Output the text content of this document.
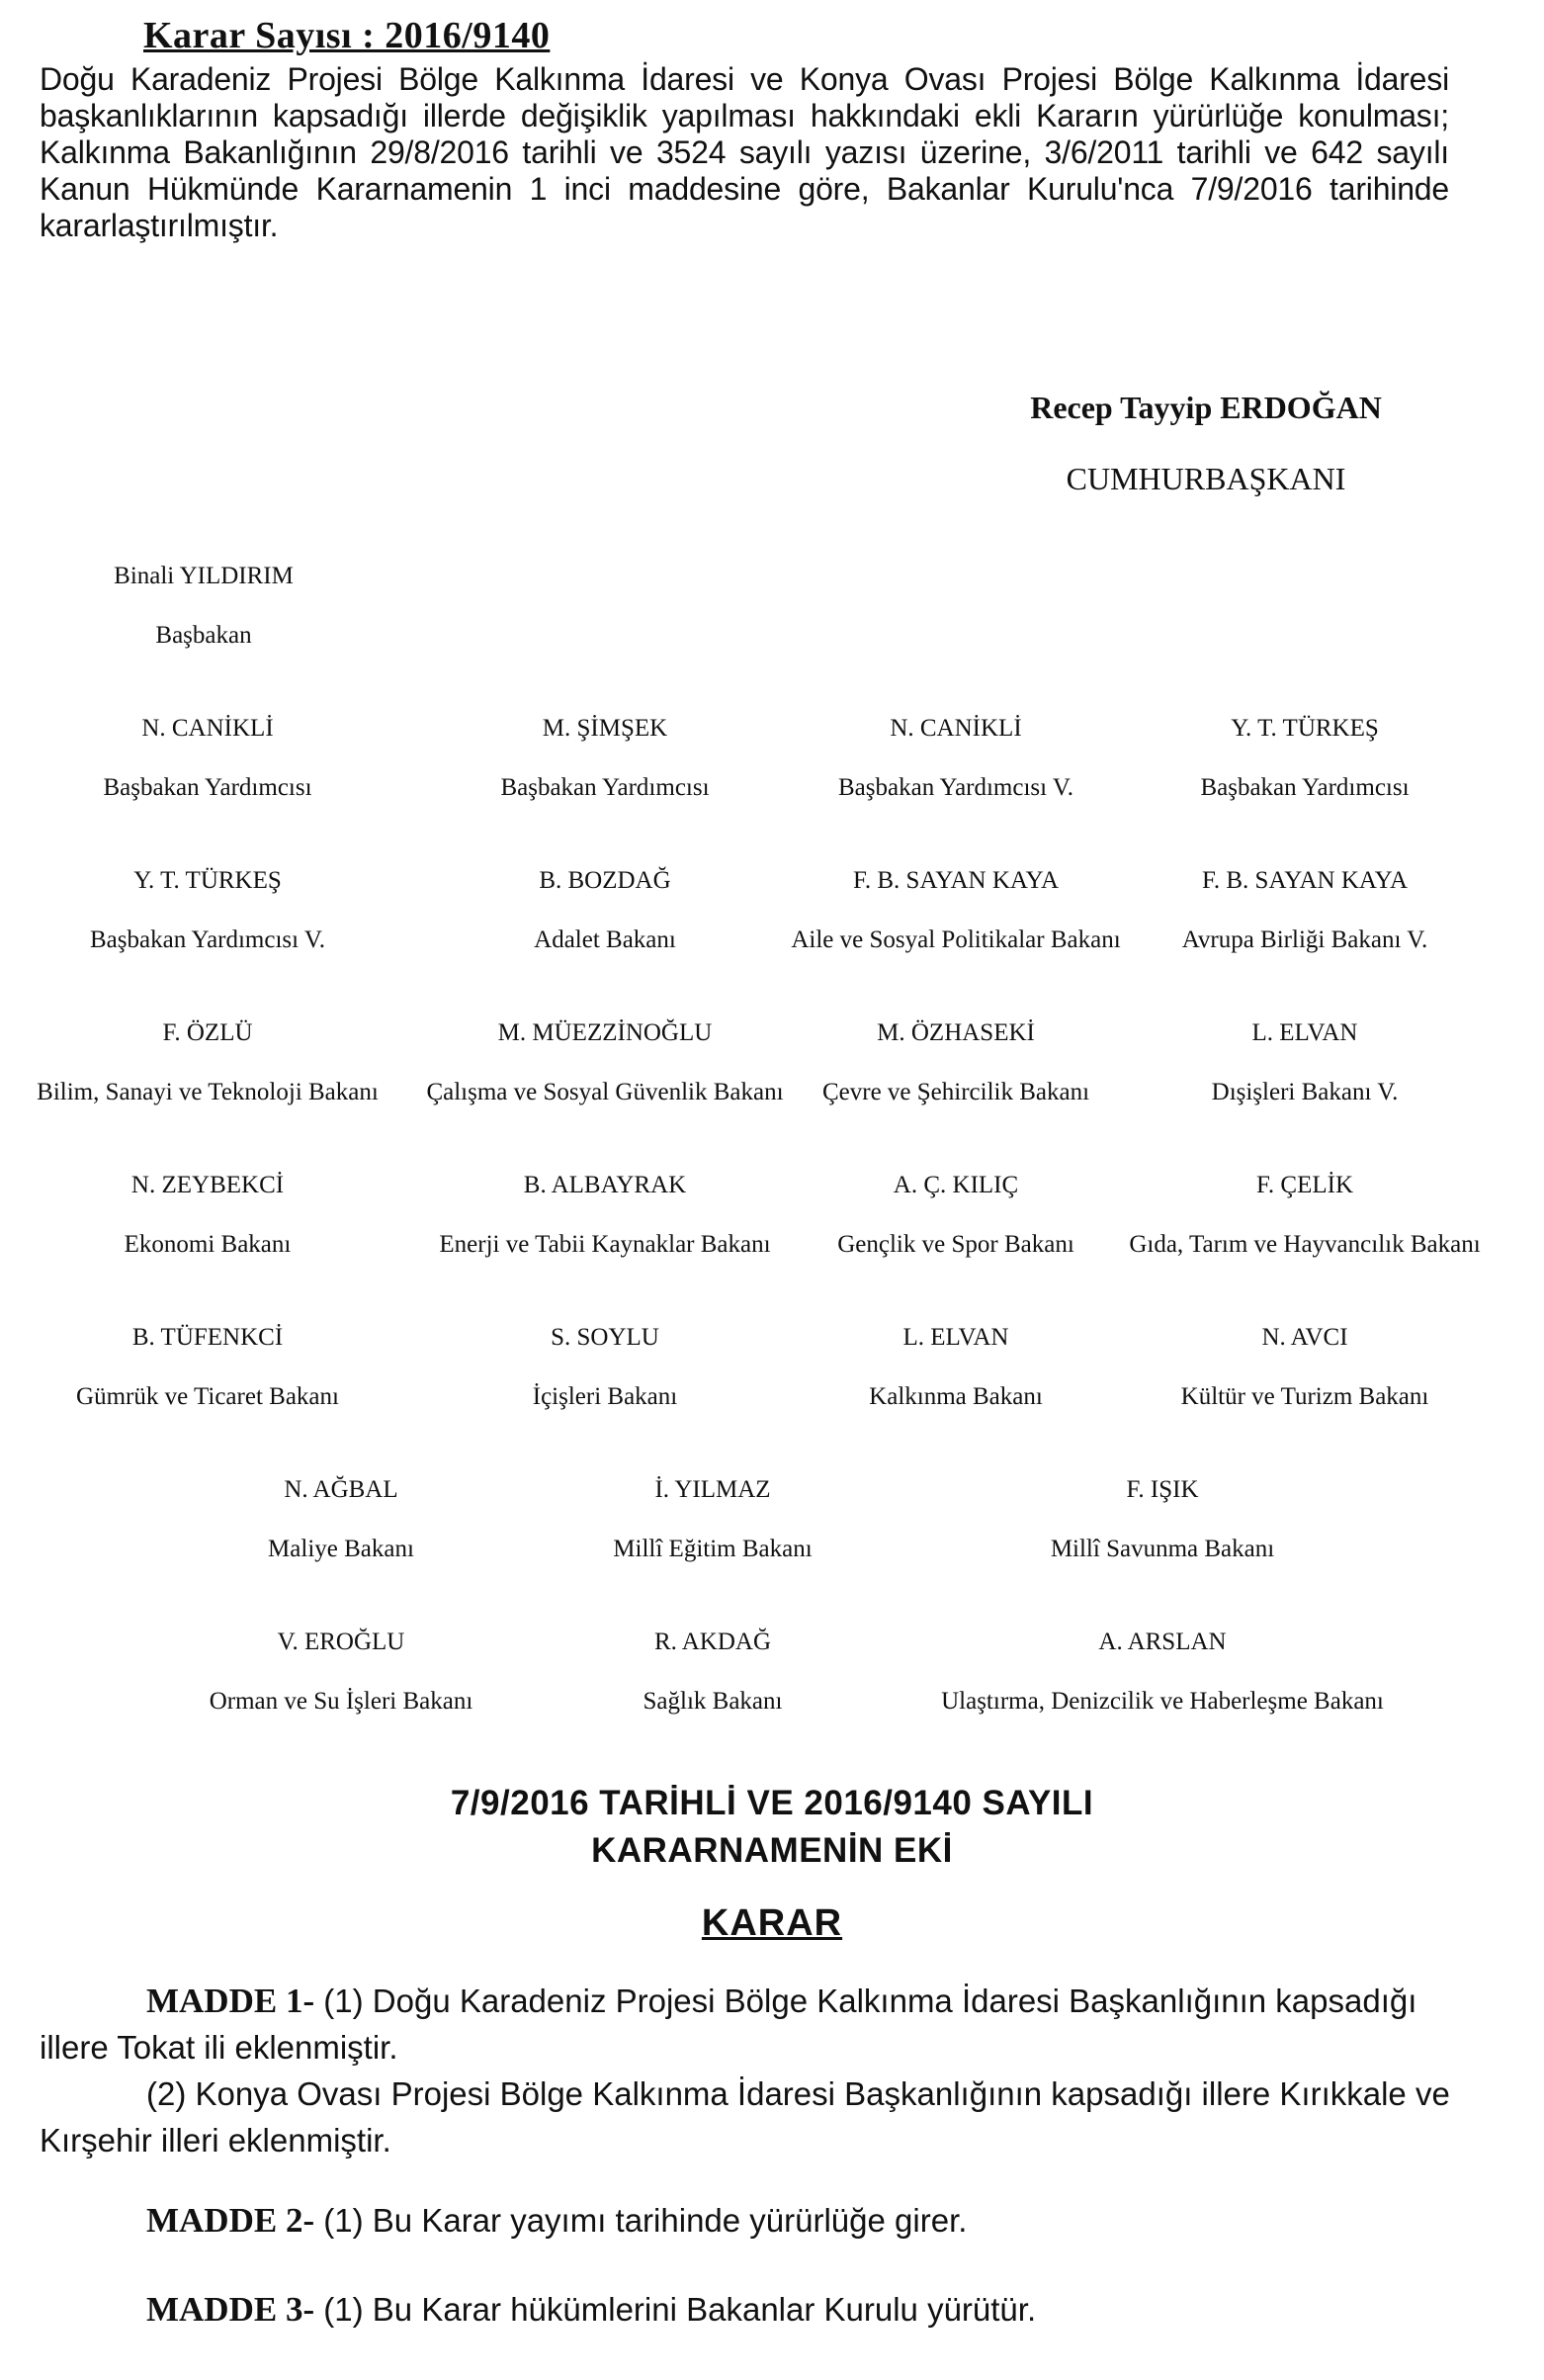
Karar Sayısı : 2016/9140
Doğu Karadeniz Projesi Bölge Kalkınma İdaresi ve Konya Ovası Projesi Bölge Kalkınma İdaresi başkanlıklarının kapsadığı illerde değişiklik yapılması hakkındaki ekli Kararın yürürlüğe konulması; Kalkınma Bakanlığının 29/8/2016 tarihli ve 3524 sayılı yazısı üzerine, 3/6/2011 tarihli ve 642 sayılı Kanun Hükmünde Kararnamenin 1 inci maddesine göre, Bakanlar Kurulu'nca 7/9/2016 tarihinde kararlaştırılmıştır.
Recep Tayyip ERDOĞAN
CUMHURBAŞKANI
Binali YILDIRIM
Başbakan
N. CANİKLİ
Başbakan Yardımcısı
M. ŞİMŞEK
Başbakan Yardımcısı
N. CANİKLİ
Başbakan Yardımcısı V.
Y. T. TÜRKEŞ
Başbakan Yardımcısı
Y. T. TÜRKEŞ
Başbakan Yardımcısı V.
B. BOZDAĞ
Adalet Bakanı
F. B. SAYAN KAYA
Aile ve Sosyal Politikalar Bakanı
F. B. SAYAN KAYA
Avrupa Birliği Bakanı V.
F. ÖZLÜ
Bilim, Sanayi ve Teknoloji Bakanı
M. MÜEZZİNOĞLU
Çalışma ve Sosyal Güvenlik Bakanı
M. ÖZHASEKİ
Çevre ve Şehircilik Bakanı
L. ELVAN
Dışişleri Bakanı V.
N. ZEYBEKCİ
Ekonomi Bakanı
B. ALBAYRAK
Enerji ve Tabii Kaynaklar Bakanı
A. Ç. KILIÇ
Gençlik ve Spor Bakanı
F. ÇELİK
Gıda, Tarım ve Hayvancılık Bakanı
B. TÜFENKCİ
Gümrük ve Ticaret Bakanı
S. SOYLU
İçişleri Bakanı
L. ELVAN
Kalkınma Bakanı
N. AVCI
Kültür ve Turizm Bakanı
N. AĞBAL
Maliye Bakanı
İ. YILMAZ
Millî Eğitim Bakanı
F. IŞIK
Millî Savunma Bakanı
V. EROĞLU
Orman ve Su İşleri Bakanı
R. AKDAĞ
Sağlık Bakanı
A. ARSLAN
Ulaştırma, Denizcilik ve Haberleşme Bakanı
7/9/2016 TARİHLİ VE 2016/9140 SAYILI
KARARNAMENİN EKİ
KARAR
MADDE 1- (1) Doğu Karadeniz Projesi Bölge Kalkınma İdaresi Başkanlığının kapsadığı illere Tokat ili eklenmiştir.
(2) Konya Ovası Projesi Bölge Kalkınma İdaresi Başkanlığının kapsadığı illere Kırıkkale ve Kırşehir illeri eklenmiştir.
MADDE 2- (1) Bu Karar yayımı tarihinde yürürlüğe girer.
MADDE 3- (1) Bu Karar hükümlerini Bakanlar Kurulu yürütür.
